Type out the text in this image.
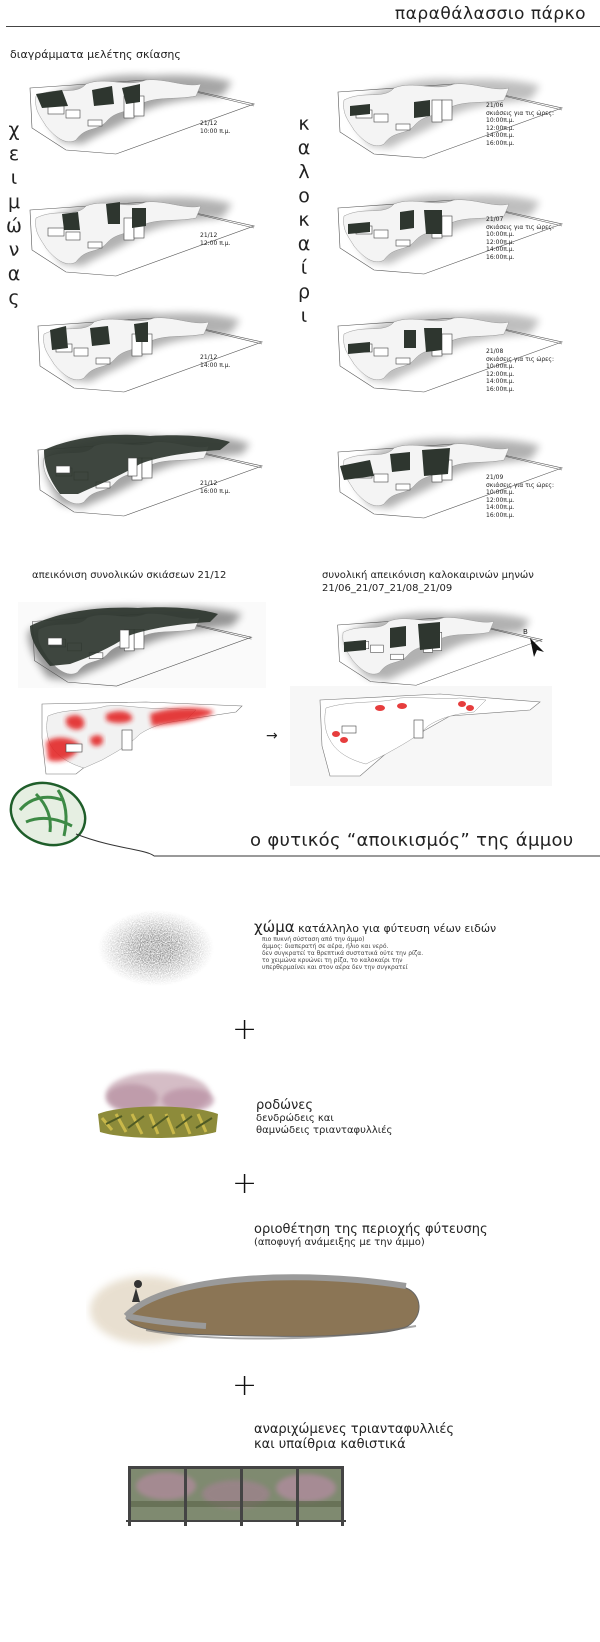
παραθάλασσιο πάρκο
διαγράμματα μελέτης σκίασης
χ
ε
ι
μ
ώ
ν
α
ς
κ
α
λ
ο
κ
α
ί
ρ
ι
21/12
10:00 π.μ.
21/12
12:00 π.μ.
21/12
14:00 π.μ.
21/12
16:00 π.μ.
21/06
σκιάσεις για τις ώρες:
10:00π.μ.
12:00π.μ.
14:00π.μ.
16:00π.μ.
21/07
σκιάσεις για τις ώρες:
10:00π.μ.
12:00π.μ.
14:00π.μ.
16:00π.μ.
21/08
σκιάσεις για τις ώρες:
10:00π.μ.
12:00π.μ.
14:00π.μ.
16:00π.μ.
21/09
σκιάσεις για τις ώρες:
10:00π.μ.
12:00π.μ.
14:00π.μ.
16:00π.μ.
απεικόνιση συνολικών σκιάσεων 21/12	συνολική απεικόνιση καλοκαιρινών μηνών
21/06_21/07_21/08_21/09
B
→
ο φυτικός “αποικισμός” της άμμου
χώμα κατάλληλο για φύτευση νέων ειδών
πιο πυκνή σύσταση από την άμμο)
άμμος: διαπερατή σε αέρα, ήλιο και νερό.
δεν συγκρατεί τα θρεπτικά συστατικά ούτε την ρίζα.
το χειμώνα κρυώνει τη ρίζα, το καλοκαίρι την
υπερθερμαίνει και στον αέρα δεν την συγκρατεί
+
ροδώνες
δενδρώδεις και
θαμνώδεις τριανταφυλλιές
+
οριοθέτηση της περιοχής φύτευσης
(αποφυγή ανάμειξης με την άμμο)
+
αναριχώμενες τριανταφυλλιές
και υπαίθρια καθιστικά
